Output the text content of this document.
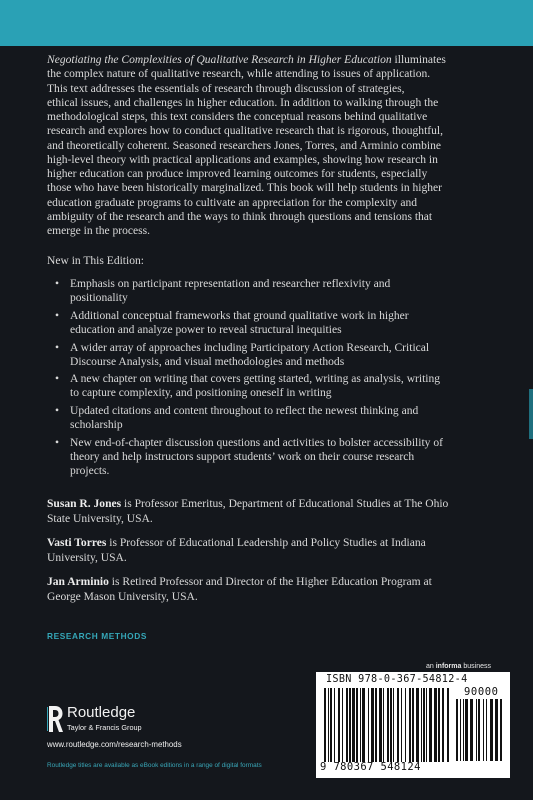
Negotiating the Complexities of Qualitative Research in Higher Education illuminates
the complex nature of qualitative research, while attending to issues of application.
This text addresses the essentials of research through discussion of strategies,
ethical issues, and challenges in higher education. In addition to walking through the
methodological steps, this text considers the conceptual reasons behind qualitative
research and explores how to conduct qualitative research that is rigorous, thoughtful,
and theoretically coherent. Seasoned researchers Jones, Torres, and Arminio combine
high-level theory with practical applications and examples, showing how research in
higher education can produce improved learning outcomes for students, especially
those who have been historically marginalized. This book will help students in higher
education graduate programs to cultivate an appreciation for the complexity and
ambiguity of the research and the ways to think through questions and tensions that
emerge in the process.

New in This Edition:
• Emphasis on participant representation and researcher reflexivity and
positionality
• Additional conceptual frameworks that ground qualitative work in higher
education and analyze power to reveal structural inequities
• A wider array of approaches including Participatory Action Research, Critical
Discourse Analysis, and visual methodologies and methods
• A new chapter on writing that covers getting started, writing as analysis, writing
to capture complexity, and positioning oneself in writing
• Updated citations and content throughout to reflect the newest thinking and
scholarship
• New end-of-chapter discussion questions and activities to bolster accessibility of
theory and help instructors support students’ work on their course research
projects.

Susan R. Jones is Professor Emeritus, Department of Educational Studies at The Ohio
State University, USA.

Vasti Torres is Professor of Educational Leadership and Policy Studies at Indiana
University, USA.

Jan Arminio is Retired Professor and Director of the Higher Education Program at
George Mason University, USA.

RESEARCH METHODS
an informa business
ISBN 978-0-367-54812-4
90000
9 780367 548124
Routledge
Taylor & Francis Group
www.routledge.com/research-methods
Routledge titles are available as eBook editions in a range of digital formats
